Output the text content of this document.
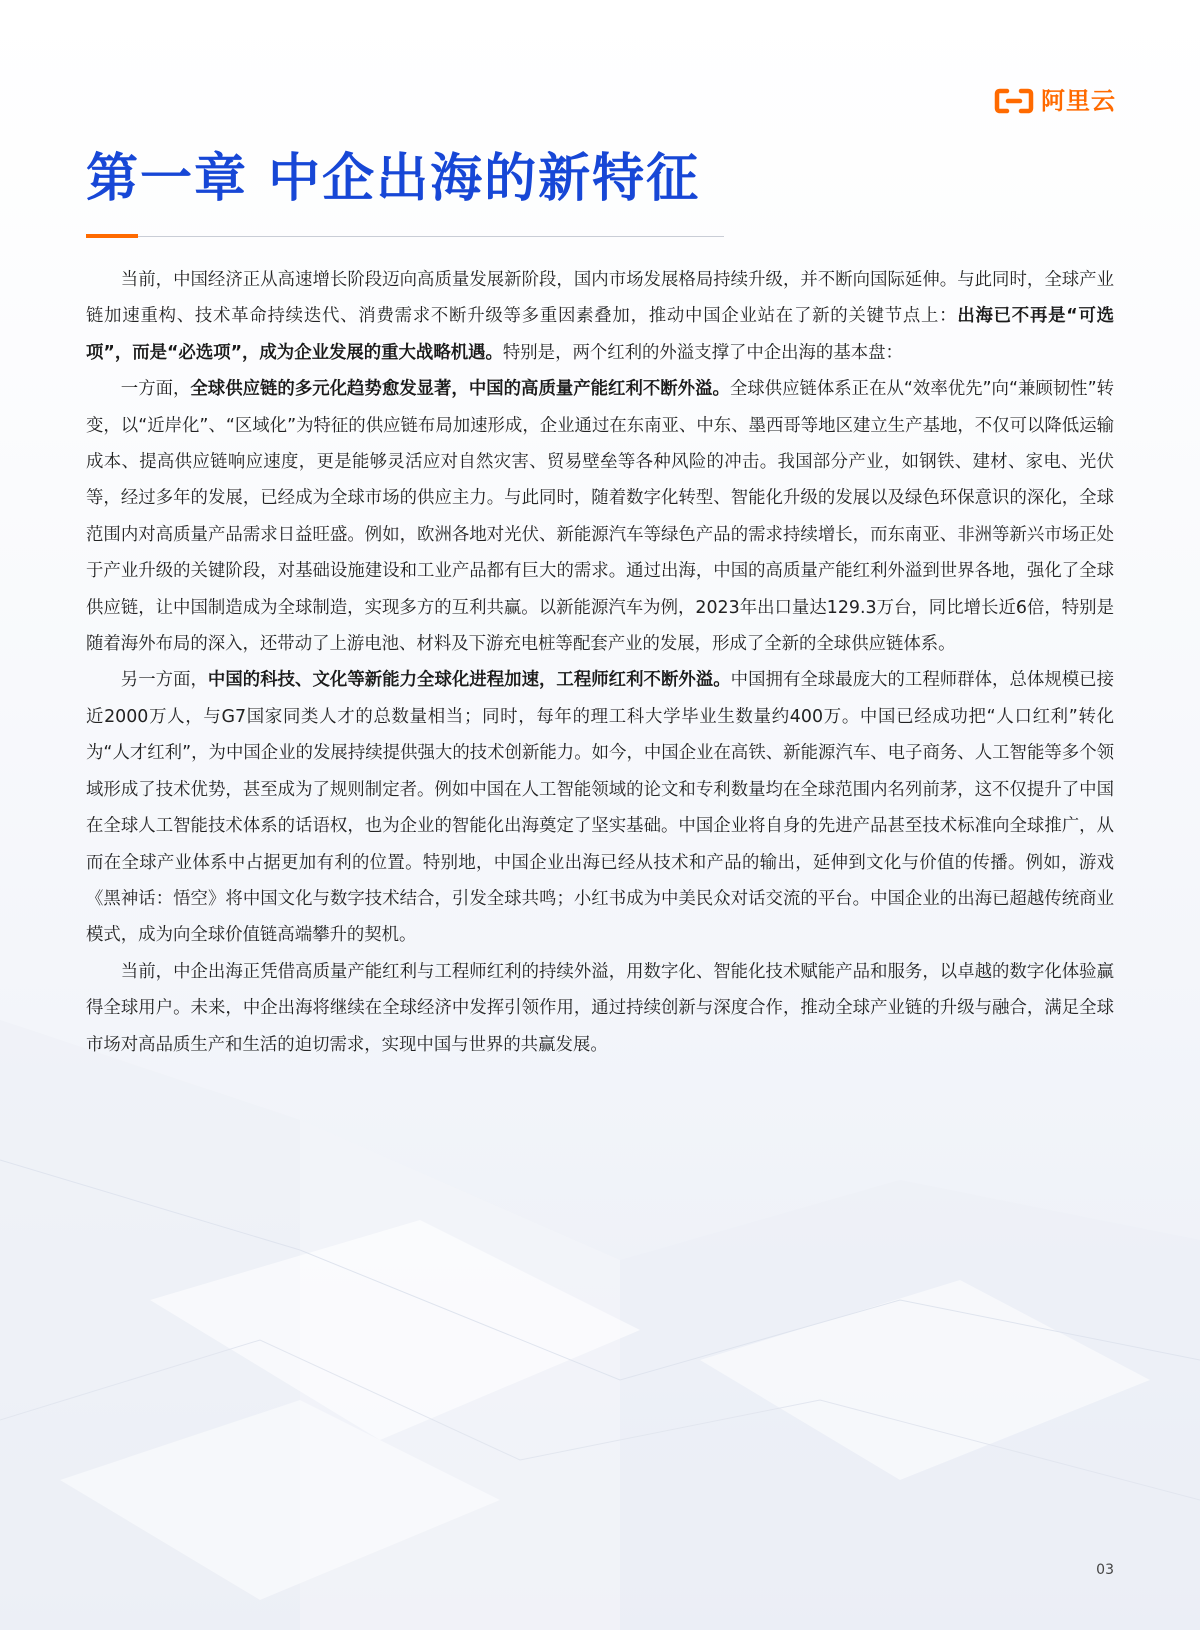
阿里云
第一章 中企出海的新特征

当前，中国经济正从高速增长阶段迈向高质量发展新阶段，国内市场发展格局持续升级，并不断向国际延伸。与此同时，全球产业链加速重构、技术革命持续迭代、消费需求不断升级等多重因素叠加，推动中国企业站在了新的关键节点上：出海已不再是“可选项”，而是“必选项”，成为企业发展的重大战略机遇。特别是，两个红利的外溢支撑了中企出海的基本盘：

一方面，全球供应链的多元化趋势愈发显著，中国的高质量产能红利不断外溢。全球供应链体系正在从“效率优先”向“兼顾韧性”转变，以“近岸化”、“区域化”为特征的供应链布局加速形成，企业通过在东南亚、中东、墨西哥等地区建立生产基地，不仅可以降低运输成本、提高供应链响应速度，更是能够灵活应对自然灾害、贸易壁垒等各种风险的冲击。我国部分产业，如钢铁、建材、家电、光伏等，经过多年的发展，已经成为全球市场的供应主力。与此同时，随着数字化转型、智能化升级的发展以及绿色环保意识的深化，全球范围内对高质量产品需求日益旺盛。例如，欧洲各地对光伏、新能源汽车等绿色产品的需求持续增长，而东南亚、非洲等新兴市场正处于产业升级的关键阶段，对基础设施建设和工业产品都有巨大的需求。通过出海，中国的高质量产能红利外溢到世界各地，强化了全球供应链，让中国制造成为全球制造，实现多方的互利共赢。以新能源汽车为例，2023年出口量达129.3万台，同比增长近6倍，特别是随着海外布局的深入，还带动了上游电池、材料及下游充电桩等配套产业的发展，形成了全新的全球供应链体系。

另一方面，中国的科技、文化等新能力全球化进程加速，工程师红利不断外溢。中国拥有全球最庞大的工程师群体，总体规模已接近2000万人，与G7国家同类人才的总数量相当；同时，每年的理工科大学毕业生数量约400万。中国已经成功把“人口红利”转化为“人才红利”，为中国企业的发展持续提供强大的技术创新能力。如今，中国企业在高铁、新能源汽车、电子商务、人工智能等多个领域形成了技术优势，甚至成为了规则制定者。例如中国在人工智能领域的论文和专利数量均在全球范围内名列前茅，这不仅提升了中国在全球人工智能技术体系的话语权，也为企业的智能化出海奠定了坚实基础。中国企业将自身的先进产品甚至技术标准向全球推广，从而在全球产业体系中占据更加有利的位置。特别地，中国企业出海已经从技术和产品的输出，延伸到文化与价值的传播。例如，游戏《黑神话：悟空》将中国文化与数字技术结合，引发全球共鸣；小红书成为中美民众对话交流的平台。中国企业的出海已超越传统商业模式，成为向全球价值链高端攀升的契机。

当前，中企出海正凭借高质量产能红利与工程师红利的持续外溢，用数字化、智能化技术赋能产品和服务，以卓越的数字化体验赢得全球用户。未来，中企出海将继续在全球经济中发挥引领作用，通过持续创新与深度合作，推动全球产业链的升级与融合，满足全球市场对高品质生产和生活的迫切需求，实现中国与世界的共赢发展。

03
